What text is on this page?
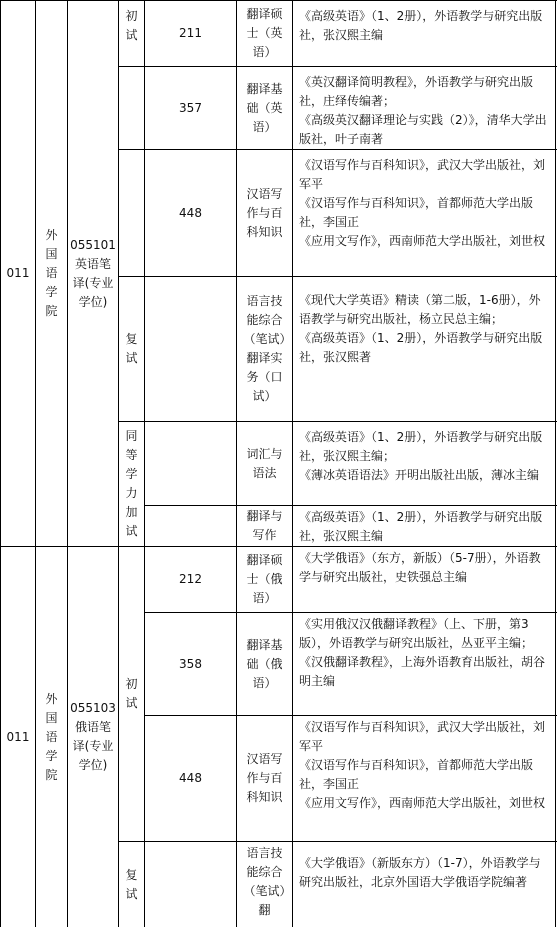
011
外国语学院
055101英语笔译(专业学位)
初试
复试
同等学力加试
211
翻译硕士（英语）
《高级英语》（1、2册），外语教学与研究出版社，张汉熙主编
357
翻译基础（英语）
《英汉翻译简明教程》，外语教学与研究出版社，庄绎传编著；
《高级英汉翻译理论与实践（2）》，清华大学出版社，叶子南著
448
汉语写作与百科知识
《汉语写作与百科知识》，武汉大学出版社，刘军平
《汉语写作与百科知识》，首都师范大学出版社，李国正
《应用文写作》，西南师范大学出版社，刘世权
语言技能综合（笔试）翻译实务（口试）
《现代大学英语》精读（第二版，1-6册），外语教学与研究出版社，杨立民总主编；
《高级英语》（1、2册），外语教学与研究出版社，张汉熙著
词汇与语法
《高级英语》（1、2册），外语教学与研究出版社，张汉熙主编；
《薄冰英语语法》开明出版社出版，薄冰主编
翻译与写作
《高级英语》（1、2册），外语教学与研究出版社，张汉熙主编
011
外国语学院
055103俄语笔译(专业学位)
初试
复试
212
翻译硕士（俄语）
《大学俄语》（东方，新版）（5-7册），外语教学与研究出版社，史铁强总主编
358
翻译基础（俄语）
《实用俄汉汉俄翻译教程》（上、下册，第3版），外语教学与研究出版社，丛亚平主编；
《汉俄翻译教程》，上海外语教育出版社，胡谷明主编
448
汉语写作与百科知识
《汉语写作与百科知识》，武汉大学出版社，刘军平
《汉语写作与百科知识》，首都师范大学出版社，李国正
《应用文写作》，西南师范大学出版社，刘世权
语言技能综合（笔试）翻
《大学俄语》（新版东方）（1-7），外语教学与研究出版社，北京外国语大学俄语学院编著
